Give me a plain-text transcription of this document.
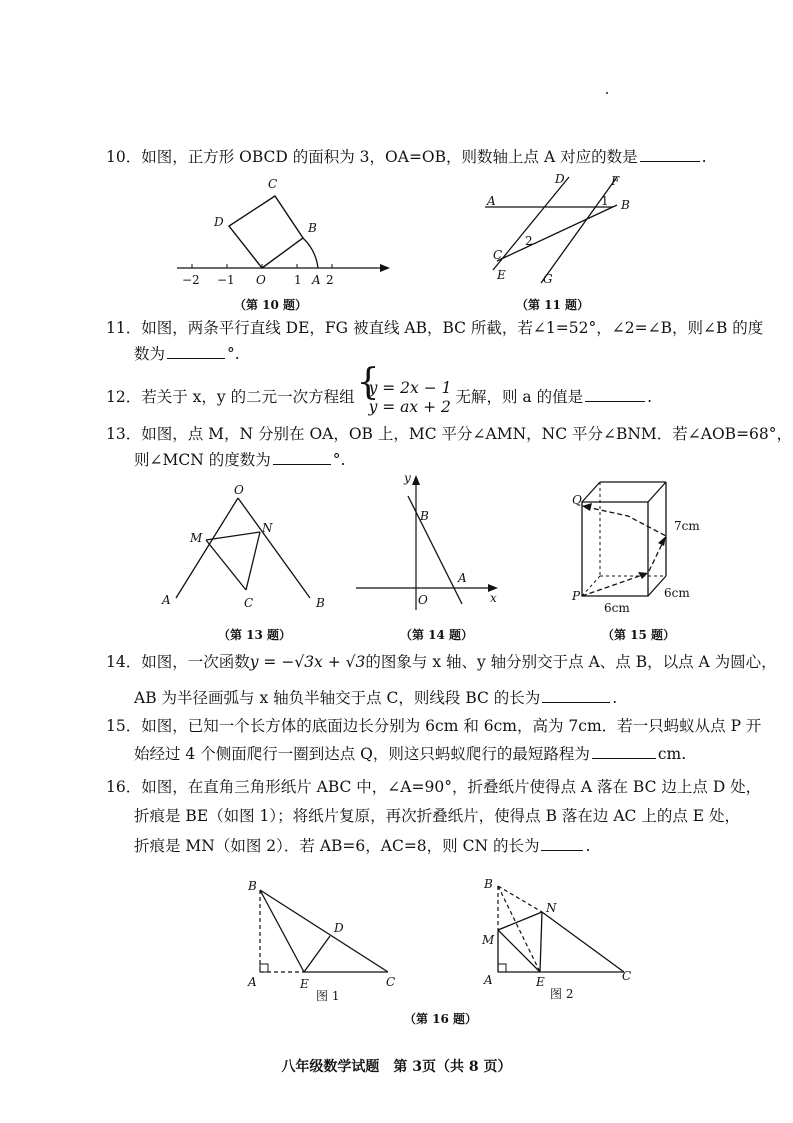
10．如图，正方形 OBCD 的面积为 3，OA=OB，则数轴上点 A 对应的数是	.
C
D	B
O	A
−2 −1	1 2
（第 10 题）
D	F
A	1 B
2
C
E	G
（第 11 题）
11．如图，两条平行直线 DE，FG 被直线 AB，BC 所截，若∠1=52°，∠2=∠B，则∠B 的度
数为	°.
12．若关于 x，y 的二元一次方程组{ y = 2x − 1
y = ax + 2无解，则 a 的值是	.
13．如图，点 M，N 分别在 OA，OB 上，MC 平分∠AMN，NC 平分∠BNM．若∠AOB=68°，
则∠MCN 的度数为	°.
O
M
N
A	C	B
（第 13 题）
y
B
A
O	x
（第 14 题）
Q
P
7cm
6cm
6cm
（第 15 题）
14．如图，一次函数y = −√3x + √3的图象与 x 轴、y 轴分别交于点 A、点 B，以点 A 为圆心，
AB 为半径画弧与 x 轴负半轴交于点 C，则线段 BC 的长为	.
15．如图，已知一个长方体的底面边长分别为 6cm 和 6cm，高为 7cm．若一只蚂蚁从点 P 开
始经过 4 个侧面爬行一圈到达点 Q，则这只蚂蚁爬行的最短路程为	cm.
16．如图，在直角三角形纸片 ABC 中，∠A=90°，折叠纸片使得点 A 落在 BC 边上点 D 处，
折痕是 BE（如图 1）；将纸片复原，再次折叠纸片，使得点 B 落在边 AC 上的点 E 处，
折痕是 MN（如图 2）．若 AB=6，AC=8，则 CN 的长为	.
B
D
A	E	C
图 1
B
N
M
A	E	C
图 2
（第 16 题）
八年级数学试题　第 3页（共 8 页）
